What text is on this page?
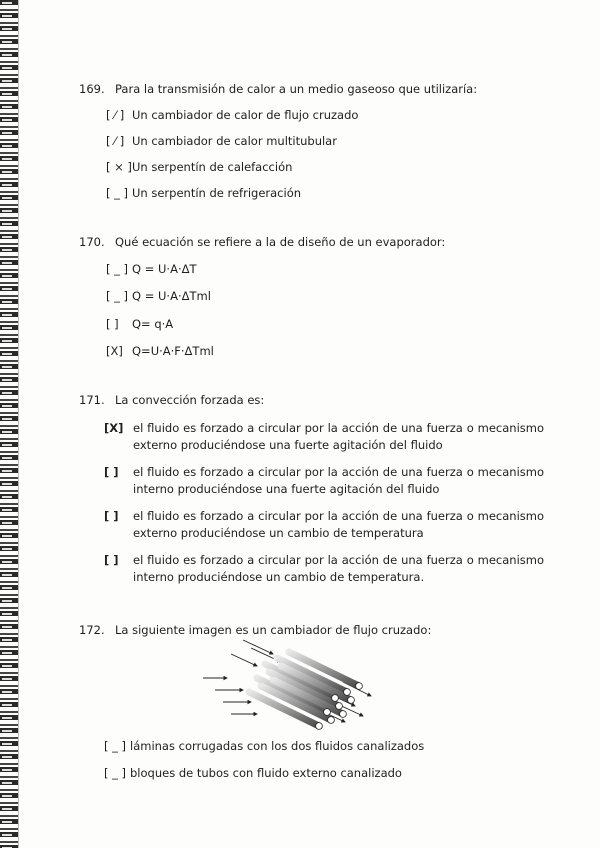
169. Para la transmisión de calor a un medio gaseoso que utilizaría:
[ ⁄ ] Un cambiador de calor de flujo cruzado
[ ⁄ ] Un cambiador de calor multitubular
[ × ]Un serpentín de calefacción
[ _ ] Un serpentín de refrigeración
170. Qué ecuación se refiere a la de diseño de un evaporador:
[ _ ] Q = U·A·ΔT
[ _ ] Q = U·A·ΔTml
[ ] Q= q·A
[X] Q=U·A·F·ΔTml
171. La convección forzada es:
[X] el fluido es forzado a circular por la acción de una fuerza o mecanismo externo produciéndose una fuerte agitación del fluido
[ ]	el fluido es forzado a circular por la acción de una fuerza o mecanismo interno produciéndose una fuerte agitación del fluido
[ ]	el fluido es forzado a circular por la acción de una fuerza o mecanismo externo produciéndose un cambio de temperatura
[ ]	el fluido es forzado a circular por la acción de una fuerza o mecanismo interno produciéndose un cambio de temperatura.
172. La siguiente imagen es un cambiador de flujo cruzado:
[ _ ] láminas corrugadas con los dos fluidos canalizados
[ _ ] bloques de tubos con fluido externo canalizado
